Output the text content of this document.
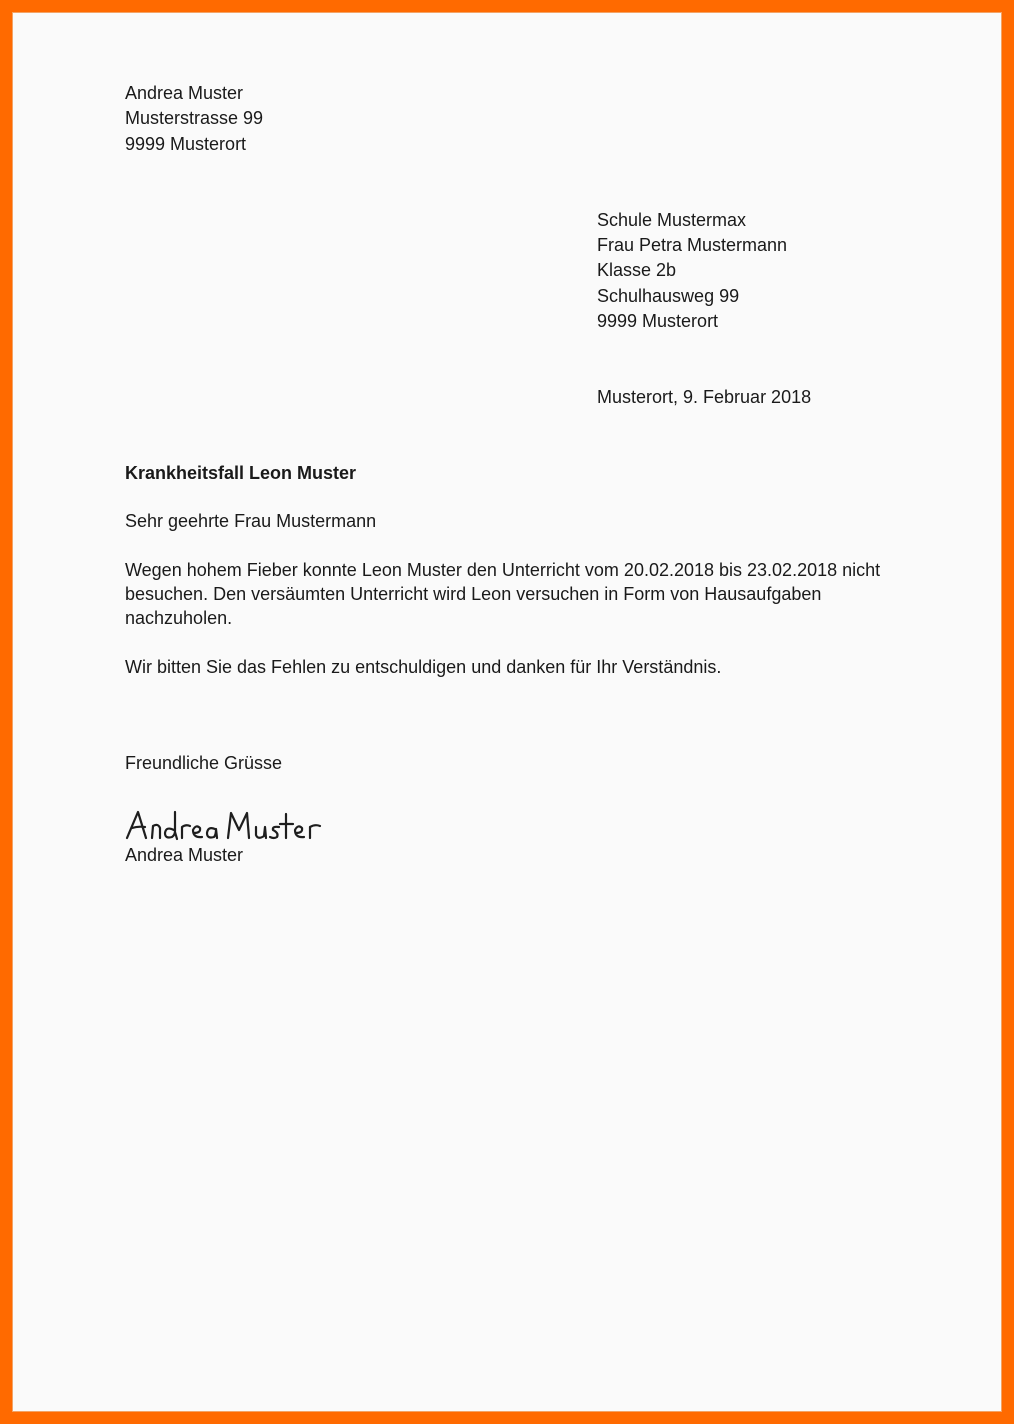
Andrea Muster
Musterstrasse 99
9999 Musterort
Schule Mustermax
Frau Petra Mustermann
Klasse 2b
Schulhausweg 99
9999 Musterort
Musterort, 9. Februar 2018
Krankheitsfall Leon Muster
Sehr geehrte Frau Mustermann
Wegen hohem Fieber konnte Leon Muster den Unterricht vom 20.02.2018 bis 23.02.2018 nicht
besuchen. Den versäumten Unterricht wird Leon versuchen in Form von Hausaufgaben
nachzuholen.
Wir bitten Sie das Fehlen zu entschuldigen und danken für Ihr Verständnis.
Freundliche Grüsse
Andrea Muster
